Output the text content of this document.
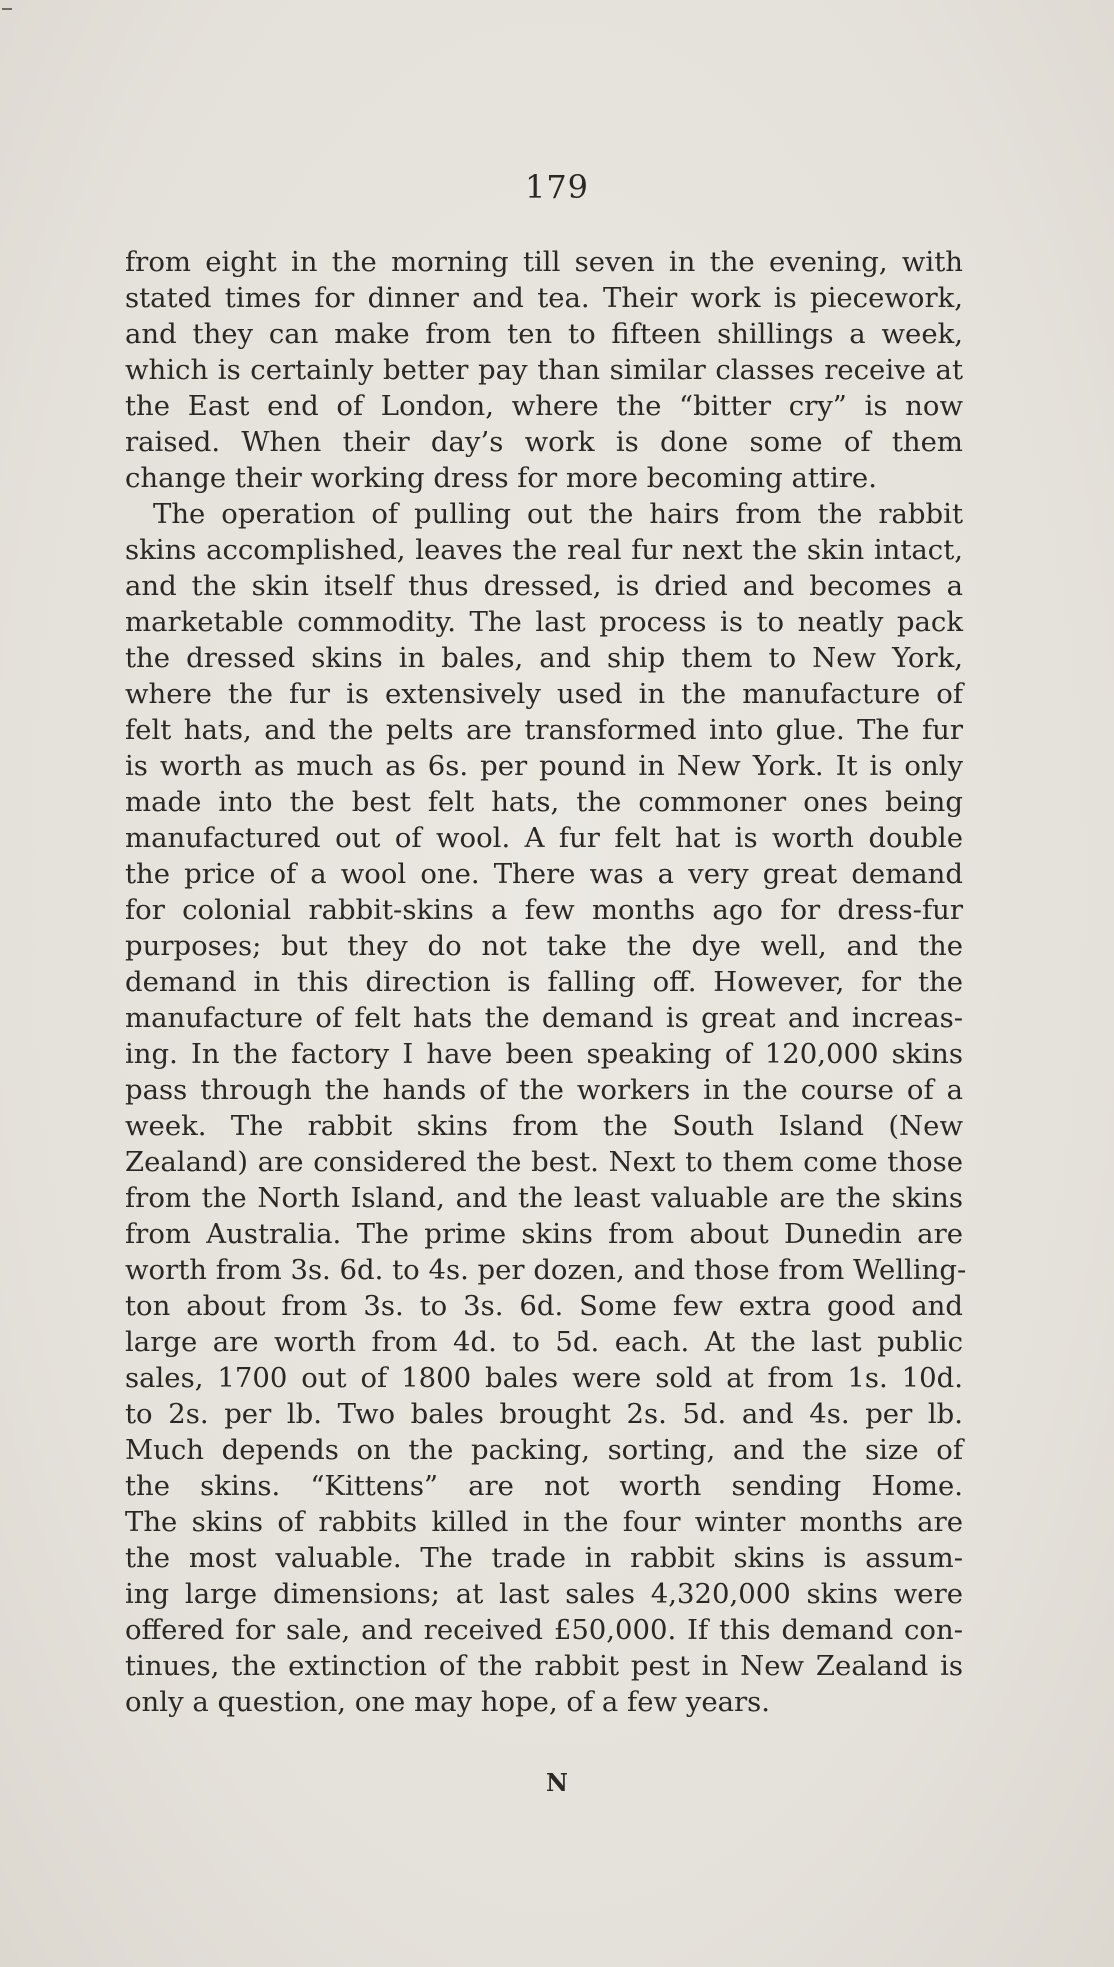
179
from eight in the morning till seven in the evening, with
stated times for dinner and tea. Their work is piecework,
and they can make from ten to fifteen shillings a week,
which is certainly better pay than similar classes receive at
the East end of London, where the “bitter cry” is now
raised. When their day’s work is done some of them
change their working dress for more becoming attire.
The operation of pulling out the hairs from the rabbit
skins accomplished, leaves the real fur next the skin intact,
and the skin itself thus dressed, is dried and becomes a
marketable commodity. The last process is to neatly pack
the dressed skins in bales, and ship them to New York,
where the fur is extensively used in the manufacture of
felt hats, and the pelts are transformed into glue. The fur
is worth as much as 6s. per pound in New York. It is only
made into the best felt hats, the commoner ones being
manufactured out of wool. A fur felt hat is worth double
the price of a wool one. There was a very great demand
for colonial rabbit-skins a few months ago for dress-fur
purposes; but they do not take the dye well, and the
demand in this direction is falling off. However, for the
manufacture of felt hats the demand is great and increas-
ing. In the factory I have been speaking of 120,000 skins
pass through the hands of the workers in the course of a
week. The rabbit skins from the South Island (New
Zealand) are considered the best. Next to them come those
from the North Island, and the least valuable are the skins
from Australia. The prime skins from about Dunedin are
worth from 3s. 6d. to 4s. per dozen, and those from Welling-
ton about from 3s. to 3s. 6d. Some few extra good and
large are worth from 4d. to 5d. each. At the last public
sales, 1700 out of 1800 bales were sold at from 1s. 10d.
to 2s. per lb. Two bales brought 2s. 5d. and 4s. per lb.
Much depends on the packing, sorting, and the size of
the skins. “Kittens” are not worth sending Home.
The skins of rabbits killed in the four winter months are
the most valuable. The trade in rabbit skins is assum-
ing large dimensions; at last sales 4,320,000 skins were
offered for sale, and received £50,000. If this demand con-
tinues, the extinction of the rabbit pest in New Zealand is
only a question, one may hope, of a few years.
N
